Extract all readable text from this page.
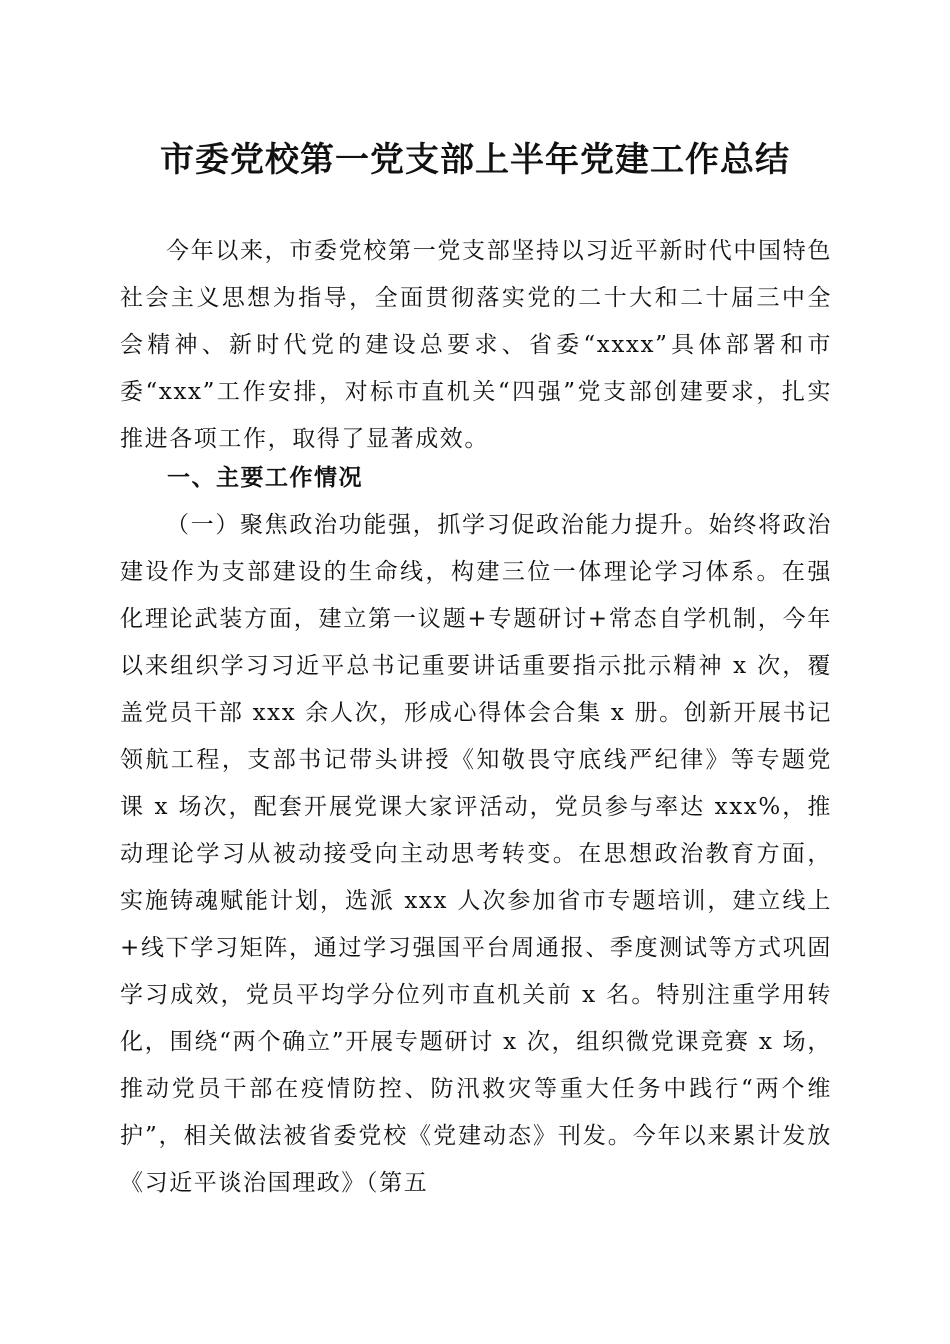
市委党校第一党支部上半年党建工作总结

今年以来，市委党校第一党支部坚持以习近平新时代中国特色社会主义思想为指导，全面贯彻落实党的二十大和二十届三中全会精神、新时代党的建设总要求、省委“xxxx”具体部署和市委“xxx”工作安排，对标市直机关“四强”党支部创建要求，扎实推进各项工作，取得了显著成效。

一、主要工作情况

（一）聚焦政治功能强，抓学习促政治能力提升。始终将政治建设作为支部建设的生命线，构建三位一体理论学习体系。在强化理论武装方面，建立第一议题+专题研讨+常态自学机制，今年以来组织学习习近平总书记重要讲话重要指示批示精神 x 次，覆盖党员干部 xxx 余人次，形成心得体会合集 x 册。创新开展书记领航工程，支部书记带头讲授《知敬畏守底线严纪律》等专题党课 x 场次，配套开展党课大家评活动，党员参与率达 xxx%，推动理论学习从被动接受向主动思考转变。在思想政治教育方面，实施铸魂赋能计划，选派 xxx 人次参加省市专题培训，建立线上+线下学习矩阵，通过学习强国平台周通报、季度测试等方式巩固学习成效，党员平均学分位列市直机关前 x 名。特别注重学用转化，围绕“两个确立”开展专题研讨 x 次，组织微党课竞赛 x 场，推动党员干部在疫情防控、防汛救灾等重大任务中践行“两个维护”，相关做法被省委党校《党建动态》刊发。今年以来累计发放《习近平谈治国理政》（第五
